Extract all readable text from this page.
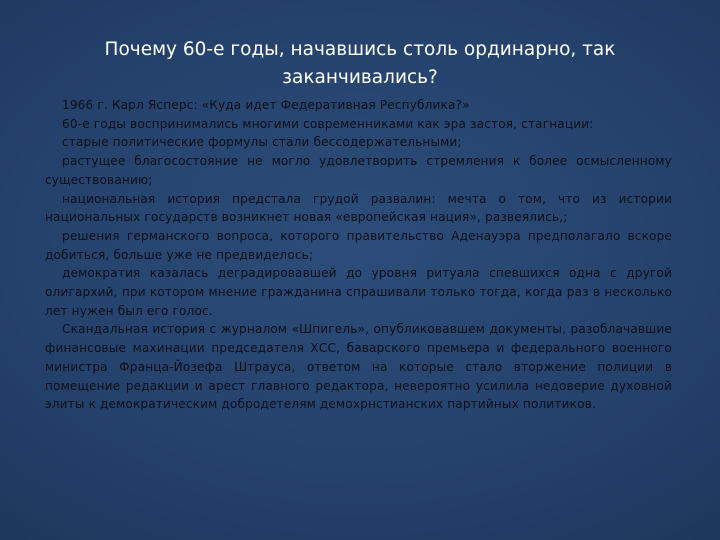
Почему 60-е годы, начавшись столь ординарно, так заканчивались?

1966 г. Карл Ясперс: «Куда идет Федеративная Республика?»

60-е годы воспринимались многими современниками как эра застоя, стагнации:

старые политические формулы стали бессодержательными;

растущее благосостояние не могло удовлетворить стремления к более осмысленному существованию;

национальная история предстала грудой развалин: мечта о том, что из истории национальных государств возникнет новая «европейская нация», развеялись,;

решения германского вопроса, которого правительство Аденауэра предполагало вскоре добиться, больше уже не предвиделось;

демократия казалась деградировавшей до уровня ритуала спевшихся одна с другой олигархий, при котором мнение гражданина спрашивали только тогда, когда раз в несколько лет нужен был его голос.

Скандальная история с журналом «Шпигель», опубликовавшем документы, разоблачавшие финансовые махинации председателя ХСС, баварского премьера и федерального военного министра Франца-Йозефа Штрауса, ответом на которые стало вторжение полиции в помещение редакции и арест главного редактора, невероятно усилила недоверие духовной элиты к демократическим добродетелям демохрнстианских партийных политиков.
